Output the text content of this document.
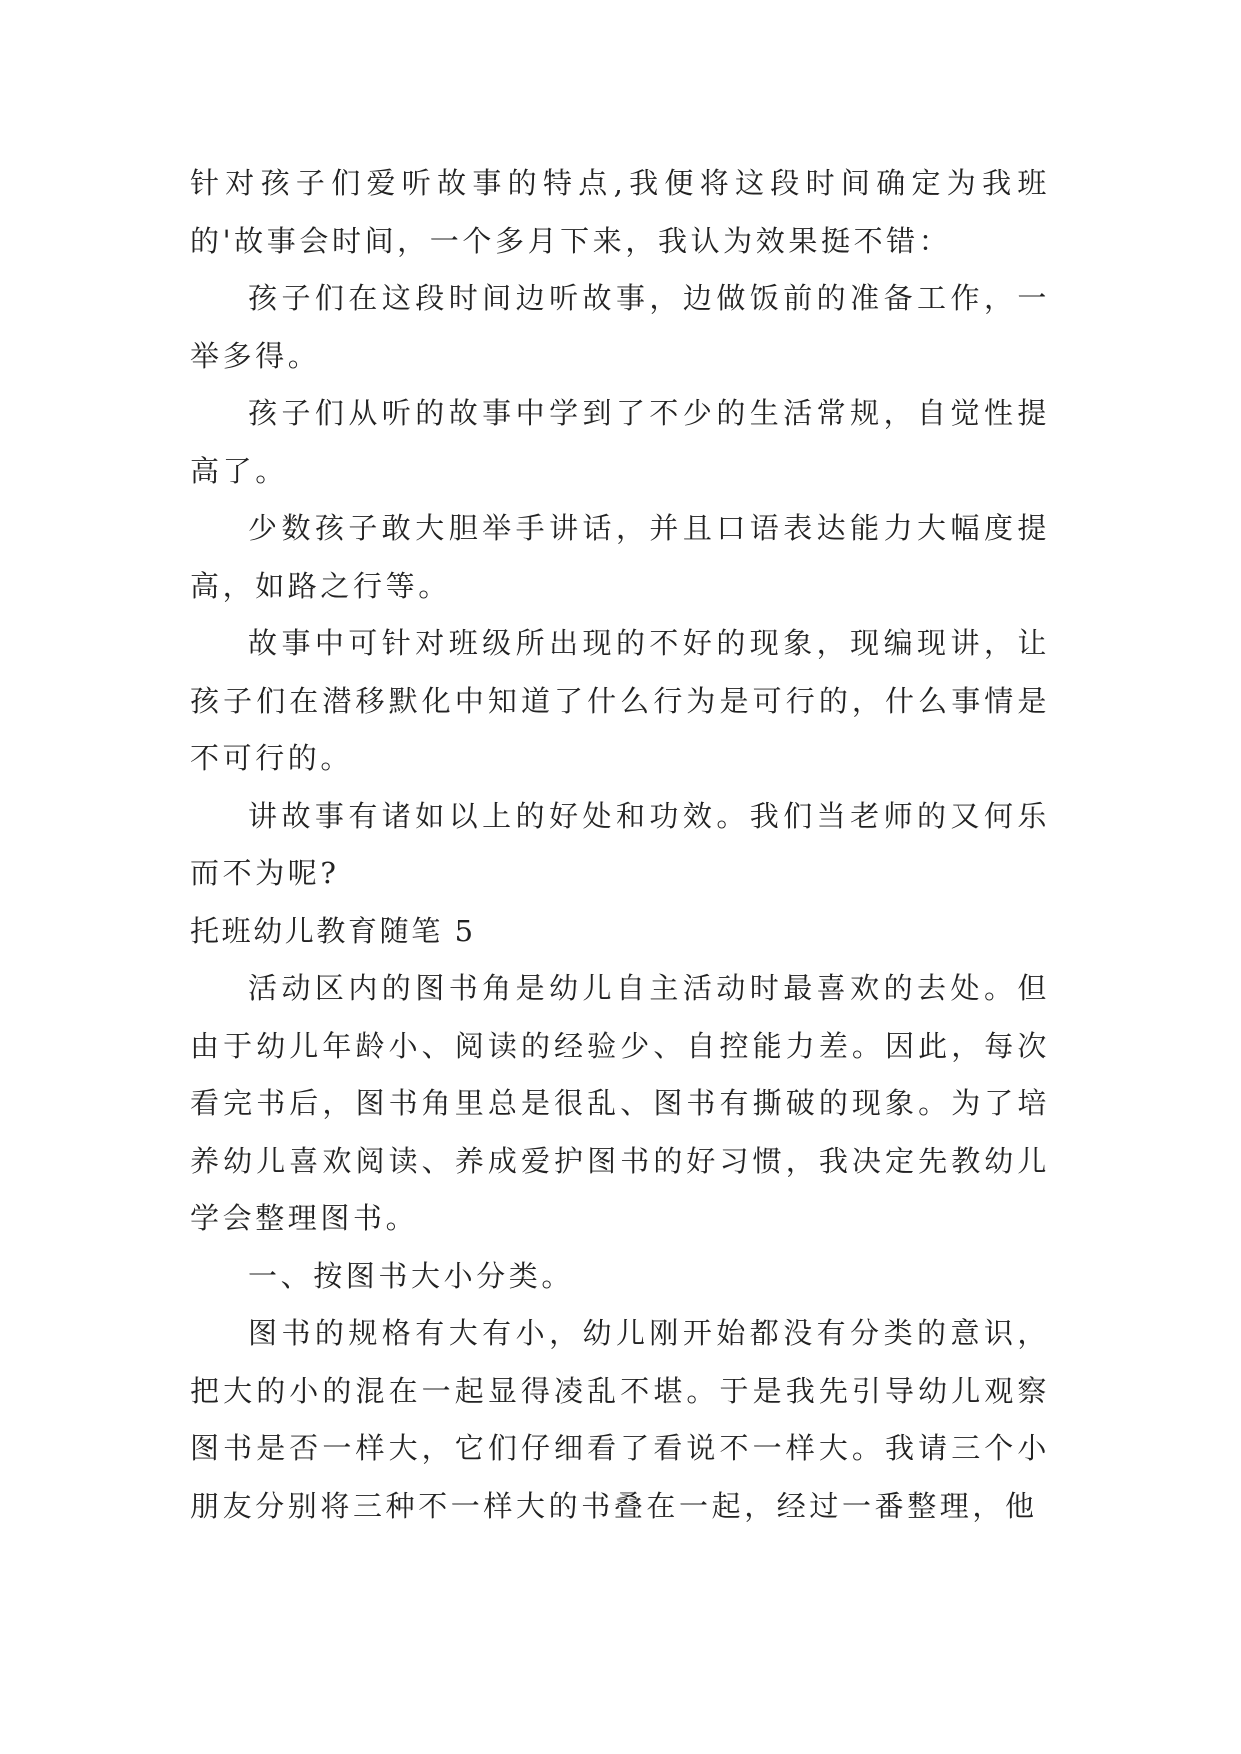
针对孩子们爱听故事的特点,我便将这段时间确定为我班的'故事会时间，一个多月下来，我认为效果挺不错：

孩子们在这段时间边听故事，边做饭前的准备工作，一举多得。

孩子们从听的故事中学到了不少的生活常规，自觉性提高了。

少数孩子敢大胆举手讲话，并且口语表达能力大幅度提高，如路之行等。

故事中可针对班级所出现的不好的现象，现编现讲，让孩子们在潜移默化中知道了什么行为是可行的，什么事情是不可行的。

讲故事有诸如以上的好处和功效。我们当老师的又何乐而不为呢?

托班幼儿教育随笔 5

活动区内的图书角是幼儿自主活动时最喜欢的去处。但由于幼儿年龄小、阅读的经验少、自控能力差。因此，每次看完书后，图书角里总是很乱、图书有撕破的现象。为了培养幼儿喜欢阅读、养成爱护图书的好习惯，我决定先教幼儿学会整理图书。

一、按图书大小分类。

图书的规格有大有小，幼儿刚开始都没有分类的意识，把大的小的混在一起显得凌乱不堪。于是我先引导幼儿观察图书是否一样大，它们仔细看了看说不一样大。我请三个小朋友分别将三种不一样大的书叠在一起，经过一番整理，他
